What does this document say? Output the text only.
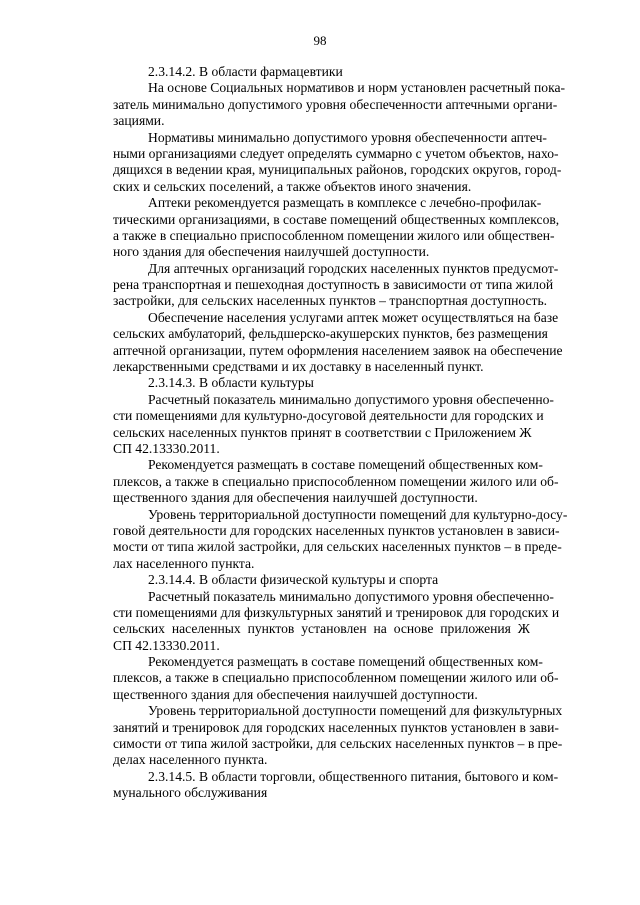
98
2.3.14.2. В области фармацевтики
На основе Социальных нормативов и норм установлен расчетный пока-
затель минимально допустимого уровня обеспеченности аптечными органи-
зациями.
Нормативы минимально допустимого уровня обеспеченности аптеч-
ными организациями следует определять суммарно с учетом объектов, нахо-
дящихся в ведении края, муниципальных районов, городских округов, город-
ских и сельских поселений, а также объектов иного значения.
Аптеки рекомендуется размещать в комплексе с лечебно-профилак-
тическими организациями, в составе помещений общественных комплексов,
а также в специально приспособленном помещении жилого или обществен-
ного здания для обеспечения наилучшей доступности.
Для аптечных организаций городских населенных пунктов предусмот-
рена транспортная и пешеходная доступность в зависимости от типа жилой
застройки, для сельских населенных пунктов – транспортная доступность.
Обеспечение населения услугами аптек может осуществляться на базе
сельских амбулаторий, фельдшерско-акушерских пунктов, без размещения
аптечной организации, путем оформления населением заявок на обеспечение
лекарственными средствами и их доставку в населенный пункт.
2.3.14.3. В области культуры
Расчетный показатель минимально допустимого уровня обеспеченно-
сти помещениями для культурно-досуговой деятельности для городских и
сельских населенных пунктов принят в соответствии с Приложением Ж
СП 42.13330.2011.
Рекомендуется размещать в составе помещений общественных ком-
плексов, а также в специально приспособленном помещении жилого или об-
щественного здания для обеспечения наилучшей доступности.
Уровень территориальной доступности помещений для культурно-досу-
говой деятельности для городских населенных пунктов установлен в зависи-
мости от типа жилой застройки, для сельских населенных пунктов – в преде-
лах населенного пункта.
2.3.14.4. В области физической культуры и спорта
Расчетный показатель минимально допустимого уровня обеспеченно-
сти помещениями для физкультурных занятий и тренировок для городских и
сельских населенных пунктов установлен на основе приложения Ж
СП 42.13330.2011.
Рекомендуется размещать в составе помещений общественных ком-
плексов, а также в специально приспособленном помещении жилого или об-
щественного здания для обеспечения наилучшей доступности.
Уровень территориальной доступности помещений для физкультурных
занятий и тренировок для городских населенных пунктов установлен в зави-
симости от типа жилой застройки, для сельских населенных пунктов – в пре-
делах населенного пункта.
2.3.14.5. В области торговли, общественного питания, бытового и ком-
мунального обслуживания
